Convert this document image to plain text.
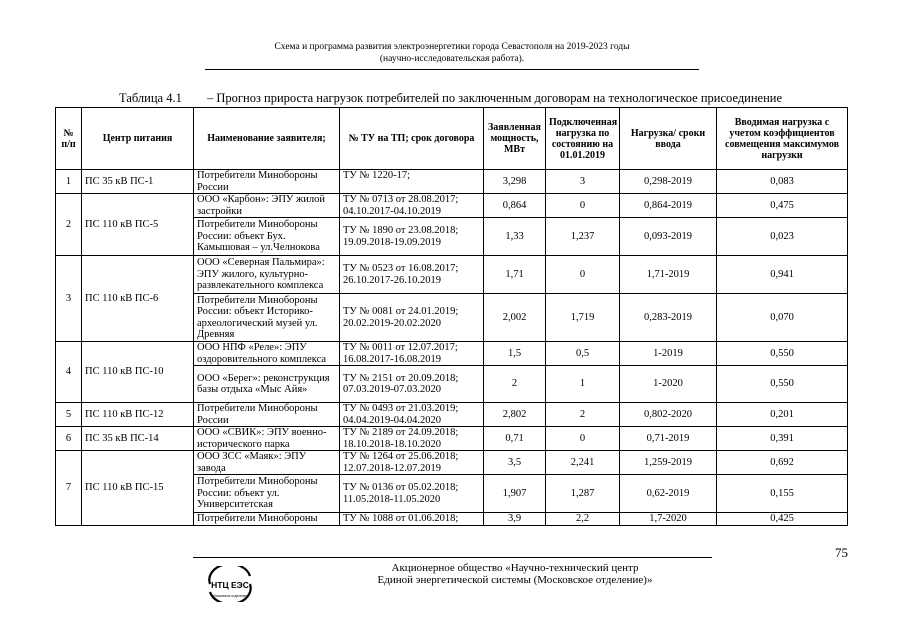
Схема и программа развития электроэнергетики города Севастополя на 2019-2023 годы
(научно-исследовательская работа).
Таблица 4.1 – Прогноз прироста нагрузок потребителей по заключенным договорам на технологическое присоединение
№ п/п	Центр питания	Наименование заявителя;	№ ТУ на ТП; срок договора	Заявленная мощность, МВт	Подключенная нагрузка по состоянию на 01.01.2019	Нагрузка/ сроки ввода	Вводимая нагрузка с учетом коэффициентов совмещения максимумов нагрузки
1	ПС 35 кВ ПС-1	Потребители Минобороны России	ТУ № 1220-17;	3,298	3	0,298-2019	0,083
2	ПС 110 кВ ПС-5	ООО «Карбон»: ЭПУ жилой застройки	ТУ № 0713 от 28.08.2017; 04.10.2017-04.10.2019	0,864	0	0,864-2019	0,475
		Потребители Минобороны России: объект Бух. Камышовая – ул.Челнокова	ТУ № 1890 от 23.08.2018; 19.09.2018-19.09.2019	1,33	1,237	0,093-2019	0,023
3	ПС 110 кВ ПС-6	ООО «Северная Пальмира»: ЭПУ жилого, культурно-развлекательного комплекса	ТУ № 0523 от 16.08.2017; 26.10.2017-26.10.2019	1,71	0	1,71-2019	0,941
		Потребители Минобороны России: объект Историко-археологический музей ул. Древняя	ТУ № 0081 от 24.01.2019; 20.02.2019-20.02.2020	2,002	1,719	0,283-2019	0,070
4	ПС 110 кВ ПС-10	ООО НПФ «Реле»: ЭПУ оздоровительного комплекса	ТУ № 0011 от 12.07.2017; 16.08.2017-16.08.2019	1,5	0,5	1-2019	0,550
		ООО «Берег»: реконструкция базы отдыха «Мыс Айя»	ТУ № 2151 от 20.09.2018; 07.03.2019-07.03.2020	2	1	1-2020	0,550
5	ПС 110 кВ ПС-12	Потребители Минобороны России	ТУ № 0493 от 21.03.2019; 04.04.2019-04.04.2020	2,802	2	0,802-2020	0,201
6	ПС 35 кВ ПС-14	ООО «СВИК»: ЭПУ военно-исторического парка	ТУ № 2189 от 24.09.2018; 18.10.2018-18.10.2020	0,71	0	0,71-2019	0,391
7	ПС 110 кВ ПС-15	ООО ЗСС «Маяк»: ЭПУ завода	ТУ № 1264 от 25.06.2018; 12.07.2018-12.07.2019	3,5	2,241	1,259-2019	0,692
		Потребители Минобороны России: объект ул. Университетская	ТУ № 0136 от 05.02.2018; 11.05.2018-11.05.2020	1,907	1,287	0,62-2019	0,155
		Потребители Минобороны	ТУ № 1088 от 01.06.2018;	3,9	2,2	1,7-2020	0,425
75
НТЦ ЕЭС
Московское отделение
Акционерное общество «Научно-технический центр
Единой энергетической системы (Московское отделение)»
